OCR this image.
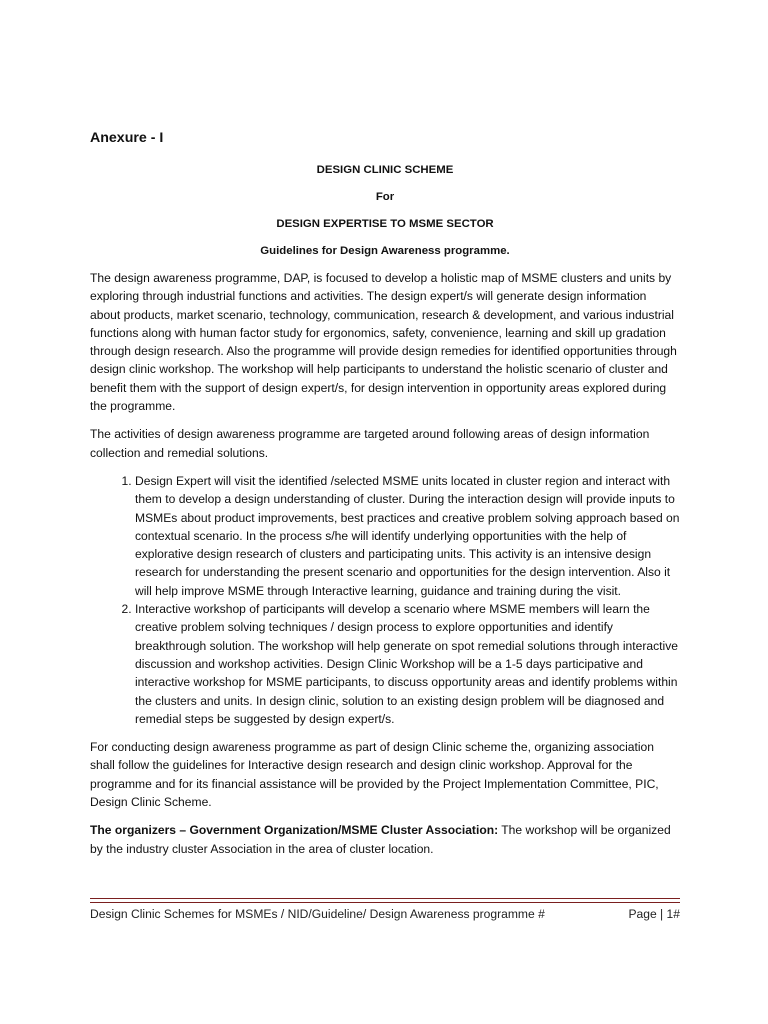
Anexure - I
DESIGN CLINIC SCHEME
For
DESIGN EXPERTISE TO MSME SECTOR
Guidelines for Design Awareness programme.

The design awareness programme, DAP, is focused to develop a holistic map of MSME clusters and units by exploring through industrial functions and activities. The design expert/s will generate design information about products, market scenario, technology, communication, research & development, and various industrial functions along with human factor study for ergonomics, safety, convenience, learning and skill up gradation through design research. Also the programme will provide design remedies for identified opportunities through design clinic workshop. The workshop will help participants to understand the holistic scenario of cluster and benefit them with the support of design expert/s, for design intervention in opportunity areas explored during the programme.

The activities of design awareness programme are targeted around following areas of design information collection and remedial solutions.

1. Design Expert will visit the identified /selected MSME units located in cluster region and interact with them to develop a design understanding of cluster. During the interaction design will provide inputs to MSMEs about product improvements, best practices and creative problem solving approach based on contextual scenario. In the process s/he will identify underlying opportunities with the help of explorative design research of clusters and participating units. This activity is an intensive design research for understanding the present scenario and opportunities for the design intervention. Also it will help improve MSME through Interactive learning, guidance and training during the visit.
2. Interactive workshop of participants will develop a scenario where MSME members will learn the creative problem solving techniques / design process to explore opportunities and identify breakthrough solution. The workshop will help generate on spot remedial solutions through interactive discussion and workshop activities. Design Clinic Workshop will be a 1-5 days participative and interactive workshop for MSME participants, to discuss opportunity areas and identify problems within the clusters and units. In design clinic, solution to an existing design problem will be diagnosed and remedial steps be suggested by design expert/s.

For conducting design awareness programme as part of design Clinic scheme the, organizing association shall follow the guidelines for Interactive design research and design clinic workshop. Approval for the programme and for its financial assistance will be provided by the Project Implementation Committee, PIC, Design Clinic Scheme.

The organizers – Government Organization/MSME Cluster Association: The workshop will be organized by the industry cluster Association in the area of cluster location.

Design Clinic Schemes for MSMEs / NID/Guideline/ Design Awareness programme #	Page | 1#
